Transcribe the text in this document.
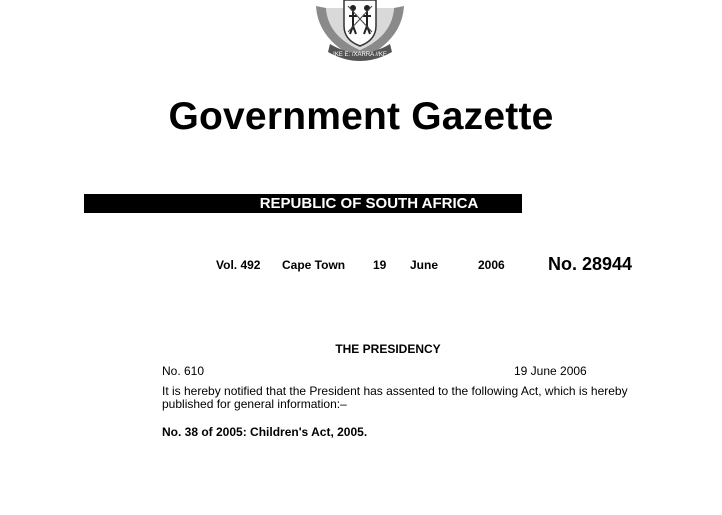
!KE E: /XARRA //KE
Government Gazette
REPUBLIC OF SOUTH AFRICA
Vol. 492 Cape Town 19 June	2006 No. 28944
THE PRESIDENCY
No. 610	19 June 2006
It is hereby notified that the President has assented to the following Act, which is hereby published for general information:–
No. 38 of 2005: Children's Act, 2005.
